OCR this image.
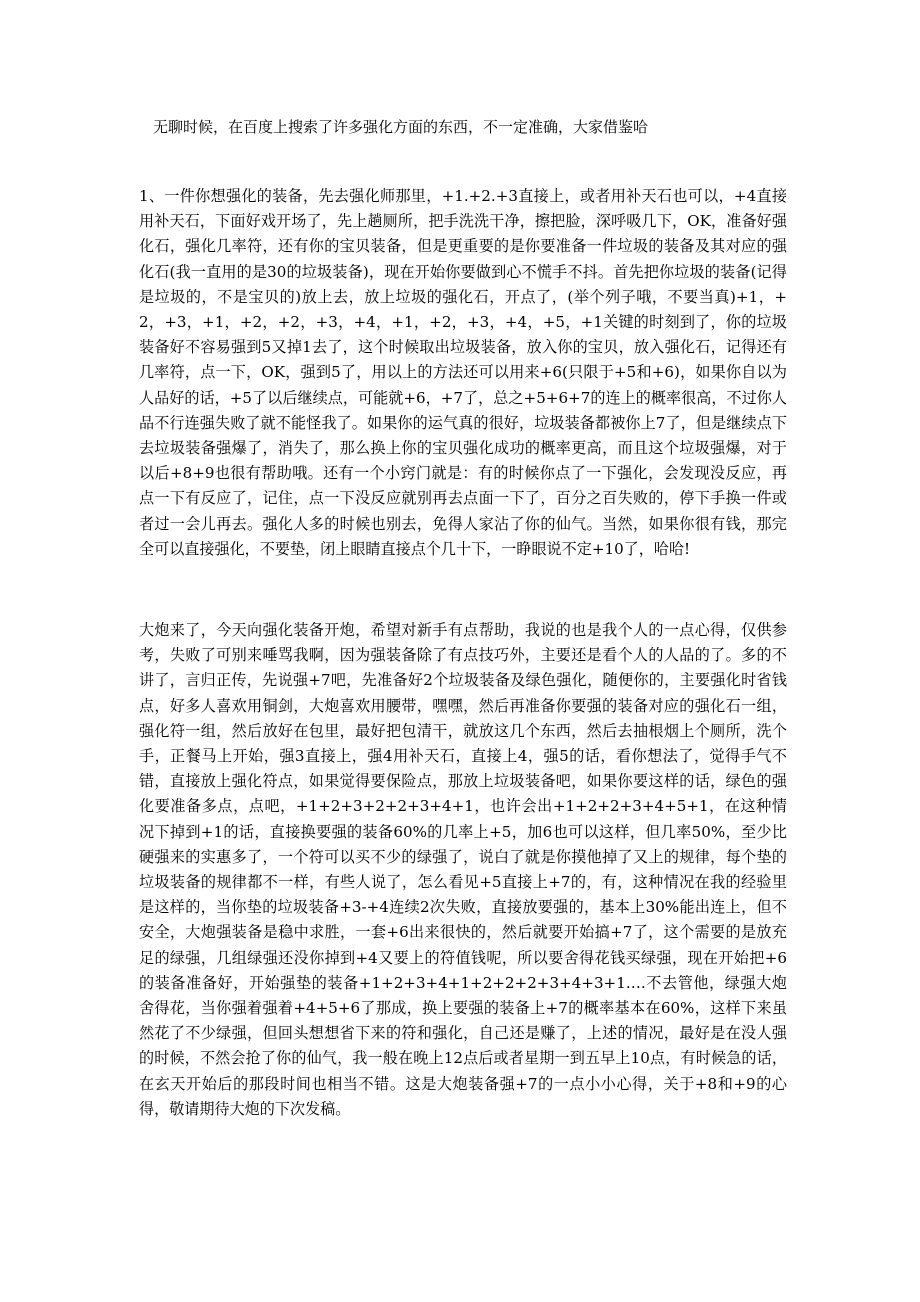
无聊时候，在百度上搜索了许多强化方面的东西，不一定准确，大家借鉴哈
1、一件你想强化的装备，先去强化师那里，+1.+2.+3直接上，或者用补天石也可以，+4直接用补天石，下面好戏开场了，先上趟厕所，把手洗洗干净，擦把脸，深呼吸几下，OK，准备好强化石，强化几率符，还有你的宝贝装备，但是更重要的是你要准备一件垃圾的装备及其对应的强化石(我一直用的是30的垃圾装备)，现在开始你要做到心不慌手不抖。首先把你垃圾的装备(记得是垃圾的，不是宝贝的)放上去，放上垃圾的强化石，开点了，(举个列子哦，不要当真)+1，+2，+3，+1，+2，+2，+3，+4，+1，+2，+3，+4，+5，+1关键的时刻到了，你的垃圾装备好不容易强到5又掉1去了，这个时候取出垃圾装备，放入你的宝贝，放入强化石，记得还有几率符，点一下，OK，强到5了，用以上的方法还可以用来+6(只限于+5和+6)，如果你自以为人品好的话，+5了以后继续点，可能就+6，+7了，总之+5+6+7的连上的概率很高，不过你人品不行连强失败了就不能怪我了。如果你的运气真的很好，垃圾装备都被你上7了，但是继续点下去垃圾装备强爆了，消失了，那么换上你的宝贝强化成功的概率更高，而且这个垃圾强爆，对于以后+8+9也很有帮助哦。还有一个小窍门就是：有的时候你点了一下强化，会发现没反应，再点一下有反应了，记住，点一下没反应就别再去点面一下了，百分之百失败的，停下手换一件或者过一会儿再去。强化人多的时候也别去，免得人家沾了你的仙气。当然，如果你很有钱，那完全可以直接强化，不要垫，闭上眼睛直接点个几十下，一睁眼说不定+10了，哈哈!
大炮来了，今天向强化装备开炮，希望对新手有点帮助，我说的也是我个人的一点心得，仅供参考，失败了可别来唾骂我啊，因为强装备除了有点技巧外，主要还是看个人的人品的了。多的不讲了，言归正传，先说强+7吧，先准备好2个垃圾装备及绿色强化，随便你的，主要强化时省钱点，好多人喜欢用铜剑，大炮喜欢用腰带，嘿嘿，然后再准备你要强的装备对应的强化石一组，强化符一组，然后放好在包里，最好把包清干，就放这几个东西，然后去抽根烟上个厕所，洗个手，正餐马上开始，强3直接上，强4用补天石，直接上4，强5的话，看你想法了，觉得手气不错，直接放上强化符点，如果觉得要保险点，那放上垃圾装备吧，如果你要这样的话，绿色的强化要准备多点，点吧，+1+2+3+2+2+3+4+1，也许会出+1+2+2+3+4+5+1，在这种情况下掉到+1的话，直接换要强的装备60%的几率上+5，加6也可以这样，但几率50%，至少比硬强来的实惠多了，一个符可以买不少的绿强了，说白了就是你摸他掉了又上的规律，每个垫的垃圾装备的规律都不一样，有些人说了，怎么看见+5直接上+7的，有，这种情况在我的经验里是这样的，当你垫的垃圾装备+3-+4连续2次失败，直接放要强的，基本上30%能出连上，但不安全，大炮强装备是稳中求胜，一套+6出来很快的，然后就要开始搞+7了，这个需要的是放充足的绿强，几组绿强还没你掉到+4又要上的符值钱呢，所以要舍得花钱买绿强，现在开始把+6的装备准备好，开始强垫的装备+1+2+3+4+1+2+2+2+3+4+3+1….不去管他，绿强大炮舍得花，当你强着强着+4+5+6了那成，换上要强的装备上+7的概率基本在60%，这样下来虽然花了不少绿强，但回头想想省下来的符和强化，自己还是赚了，上述的情况，最好是在没人强的时候，不然会抢了你的仙气，我一般在晚上12点后或者星期一到五早上10点，有时候急的话，在玄天开始后的那段时间也相当不错。这是大炮装备强+7的一点小小心得，关于+8和+9的心得，敬请期待大炮的下次发稿。
